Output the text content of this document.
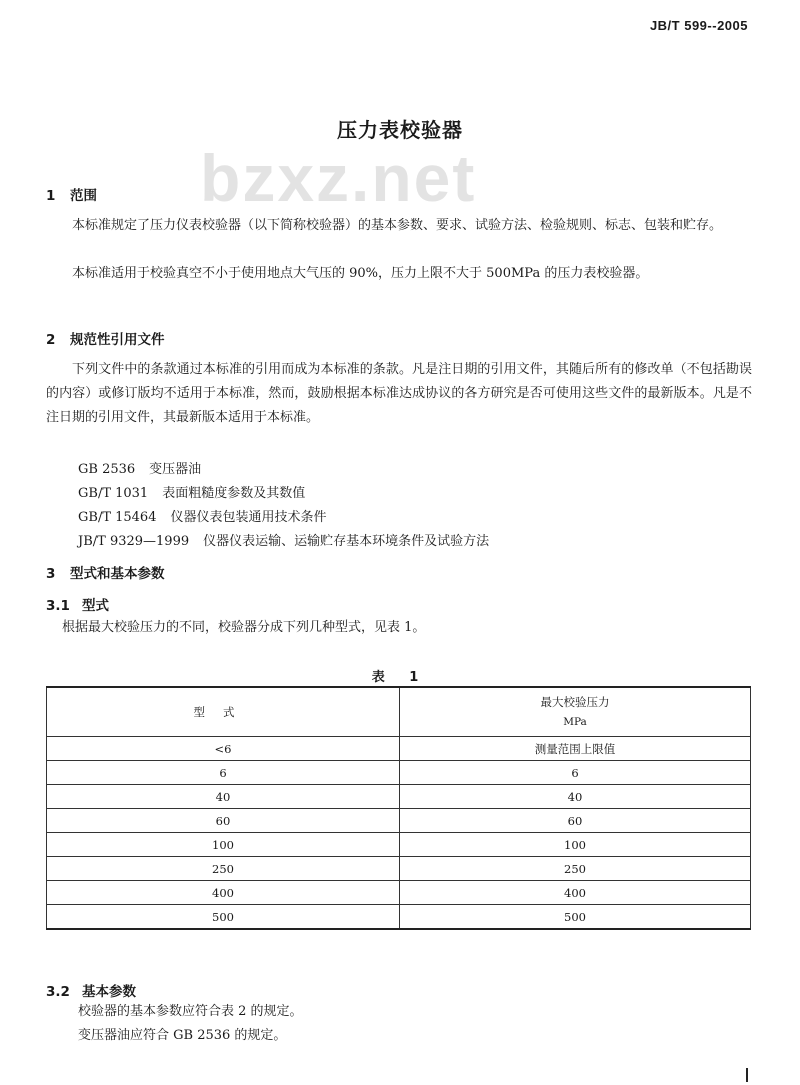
JB/T 599--2005
bzxz.net
压力表校验器
1 范围
本标准规定了压力仪表校验器（以下简称校验器）的基本参数、要求、试验方法、检验规则、标志、包装和贮存。
本标准适用于校验真空不小于使用地点大气压的 90%，压力上限不大于 500MPa 的压力表校验器。
2 规范性引用文件
下列文件中的条款通过本标准的引用而成为本标准的条款。凡是注日期的引用文件，其随后所有的修改单（不包括勘误的内容）或修订版均不适用于本标准，然而，鼓励根据本标准达成协议的各方研究是否可使用这些文件的最新版本。凡是不注日期的引用文件，其最新版本适用于本标准。
GB 2536 变压器油
GB/T 1031 表面粗糙度参数及其数值
GB/T 15464 仪器仪表包装通用技术条件
JB/T 9329—1999 仪器仪表运输、运输贮存基本环境条件及试验方法
3 型式和基本参数
3.1 型式
根据最大校验压力的不同，校验器分成下列几种型式，见表 1。
表 1
型式	最大校验压力
MPa

<6	测量范围上限值
6	6
40	40
60	60
100	100
250	250
400	400
500	500
3.2 基本参数
校验器的基本参数应符合表 2 的规定。
变压器油应符合 GB 2536 的规定。
